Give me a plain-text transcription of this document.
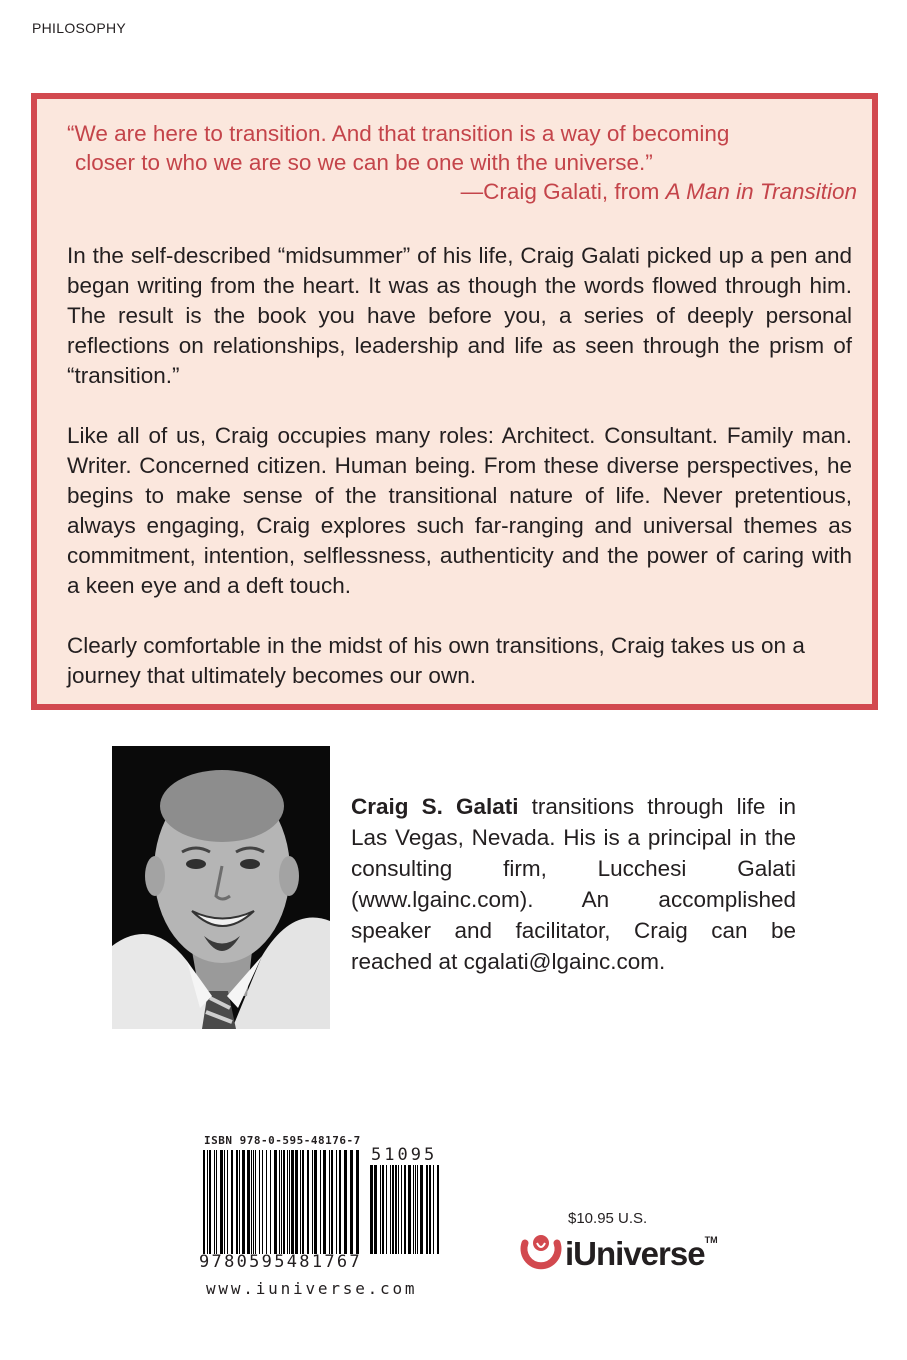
PHILOSOPHY
“We are here to transition. And that transition is a way of becoming
closer to who we are so we can be one with the universe.”
—Craig Galati, from A Man in Transition
In the self-described “midsummer” of his life, Craig Galati picked up a pen and began writing from the heart. It was as though the words flowed through him. The result is the book you have before you, a series of deeply personal reflections on relationships, leadership and life as seen through the prism of “transition.”
Like all of us, Craig occupies many roles: Architect. Consultant. Family man. Writer. Concerned citizen. Human being. From these diverse perspectives, he begins to make sense of the transitional nature of life. Never pretentious, always engaging, Craig explores such far-ranging and universal themes as commitment, intention, selflessness, authenticity and the power of caring with a keen eye and a deft touch.
Clearly comfortable in the midst of his own transitions, Craig takes us on a journey that ultimately becomes our own.
Craig S. Galati transitions through life in Las Vegas, Nevada. His is a principal in the consulting firm, Lucchesi Galati (www.lgainc.com). An accomplished speaker and facilitator, Craig can be reached at cgalati@lgainc.com.
ISBN 978-0-595-48176-7
9780595481767
51095
www.iuniverse.com
$10.95 U.S.
iUniverse™
